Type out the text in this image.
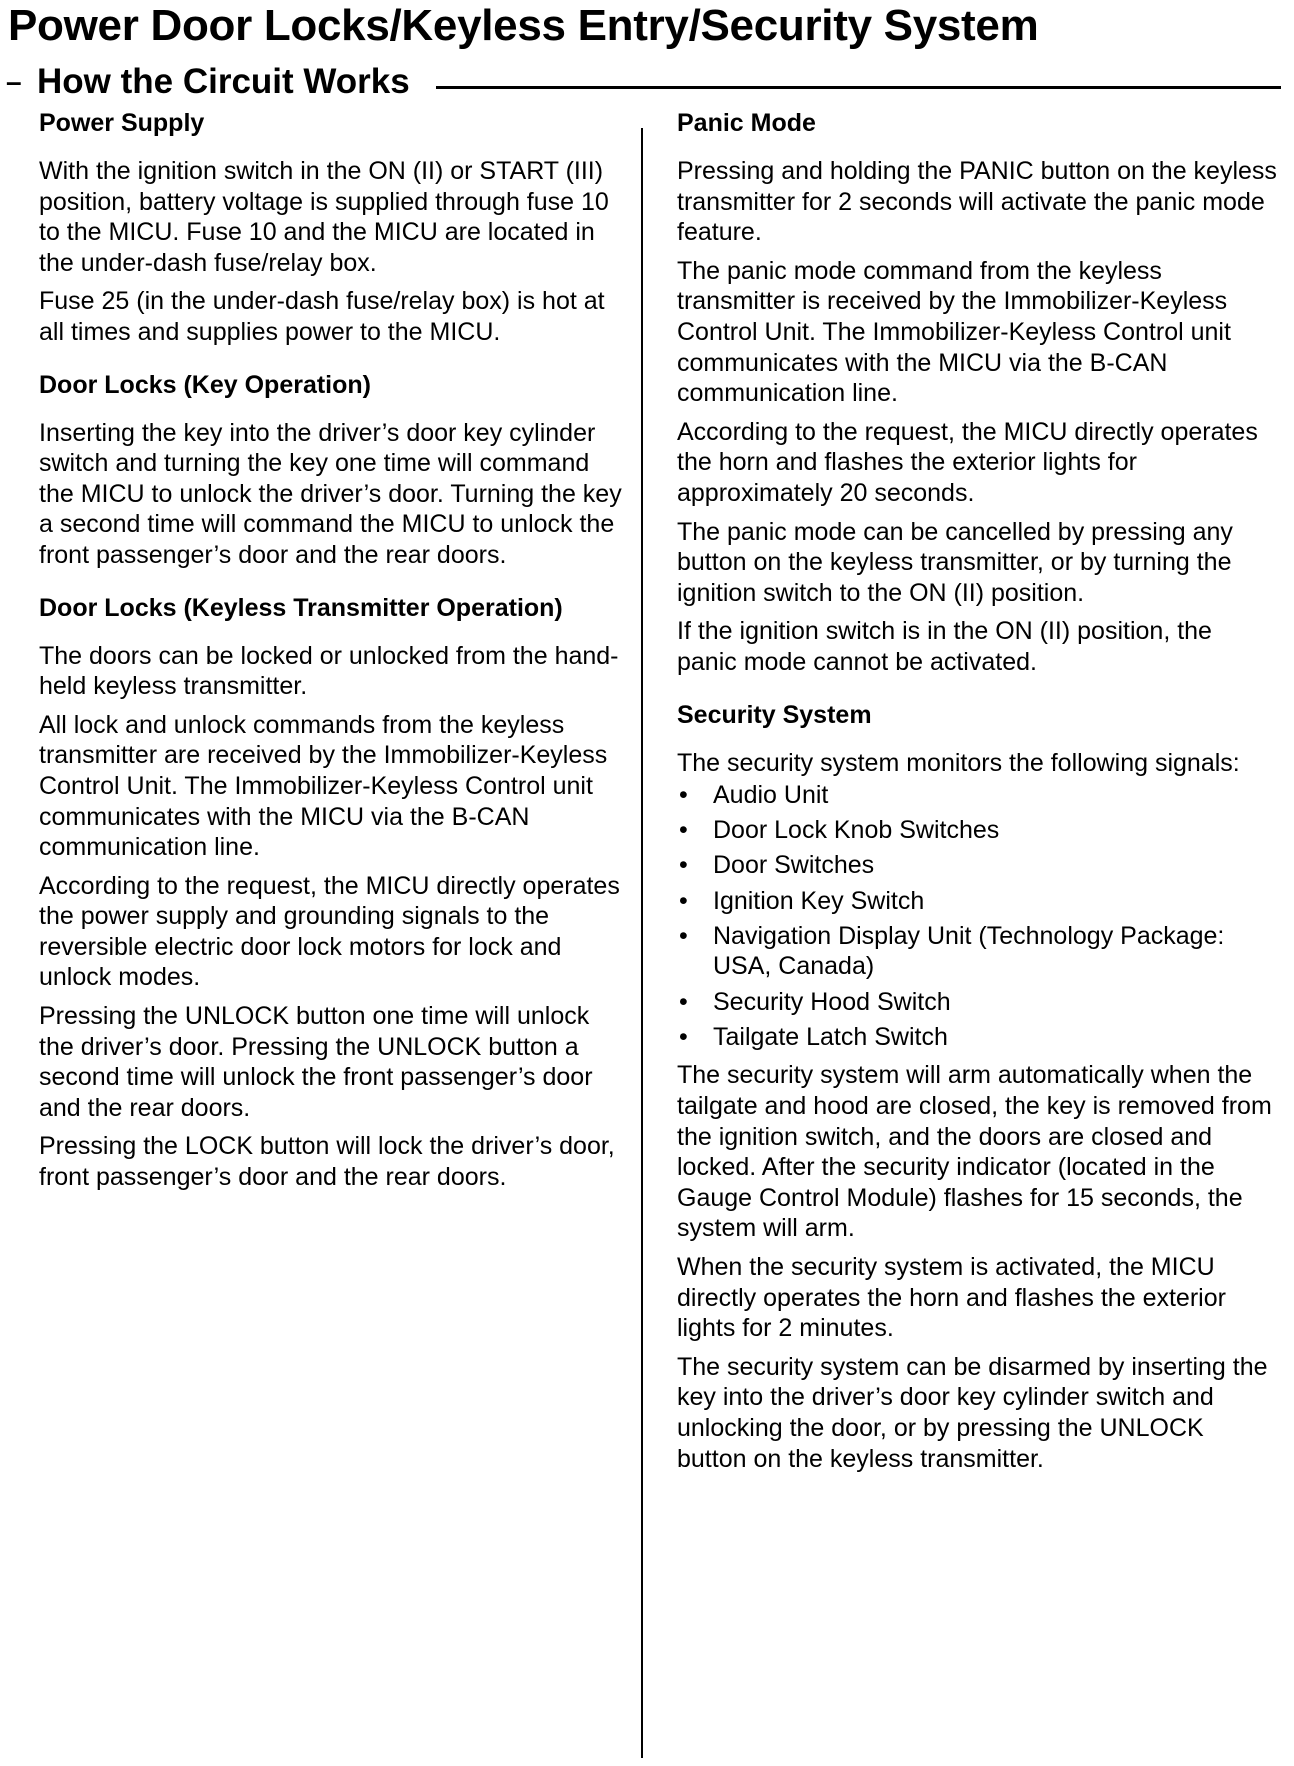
Power Door Locks/Keyless Entry/Security System
– How the Circuit Works
Power Supply

With the ignition switch in the ON (II) or START (III) position, battery voltage is supplied through fuse 10 to the MICU. Fuse 10 and the MICU are located in the under-dash fuse/relay box.

Fuse 25 (in the under-dash fuse/relay box) is hot at all times and supplies power to the MICU.

Door Locks (Key Operation)

Inserting the key into the driver’s door key cylinder switch and turning the key one time will command the MICU to unlock the driver’s door. Turning the key a second time will command the MICU to unlock the front passenger’s door and the rear doors.

Door Locks (Keyless Transmitter Operation)

The doors can be locked or unlocked from the hand-held keyless transmitter.

All lock and unlock commands from the keyless transmitter are received by the Immobilizer-Keyless Control Unit. The Immobilizer-Keyless Control unit communicates with the MICU via the B-CAN communication line.

According to the request, the MICU directly operates the power supply and grounding signals to the reversible electric door lock motors for lock and unlock modes.

Pressing the UNLOCK button one time will unlock the driver’s door. Pressing the UNLOCK button a second time will unlock the front passenger’s door and the rear doors.

Pressing the LOCK button will lock the driver’s door, front passenger’s door and the rear doors.

Panic Mode

Pressing and holding the PANIC button on the keyless transmitter for 2 seconds will activate the panic mode feature.

The panic mode command from the keyless transmitter is received by the Immobilizer-Keyless Control Unit. The Immobilizer-Keyless Control unit communicates with the MICU via the B-CAN communication line.

According to the request, the MICU directly operates the horn and flashes the exterior lights for approximately 20 seconds.

The panic mode can be cancelled by pressing any button on the keyless transmitter, or by turning the ignition switch to the ON (II) position.

If the ignition switch is in the ON (II) position, the panic mode cannot be activated.

Security System

The security system monitors the following signals:

• Audio Unit
• Door Lock Knob Switches
• Door Switches
• Ignition Key Switch
• Navigation Display Unit (Technology Package: USA, Canada)
• Security Hood Switch
• Tailgate Latch Switch

The security system will arm automatically when the tailgate and hood are closed, the key is removed from the ignition switch, and the doors are closed and locked. After the security indicator (located in the Gauge Control Module) flashes for 15 seconds, the system will arm.

When the security system is activated, the MICU directly operates the horn and flashes the exterior lights for 2 minutes.

The security system can be disarmed by inserting the key into the driver’s door key cylinder switch and unlocking the door, or by pressing the UNLOCK button on the keyless transmitter.
